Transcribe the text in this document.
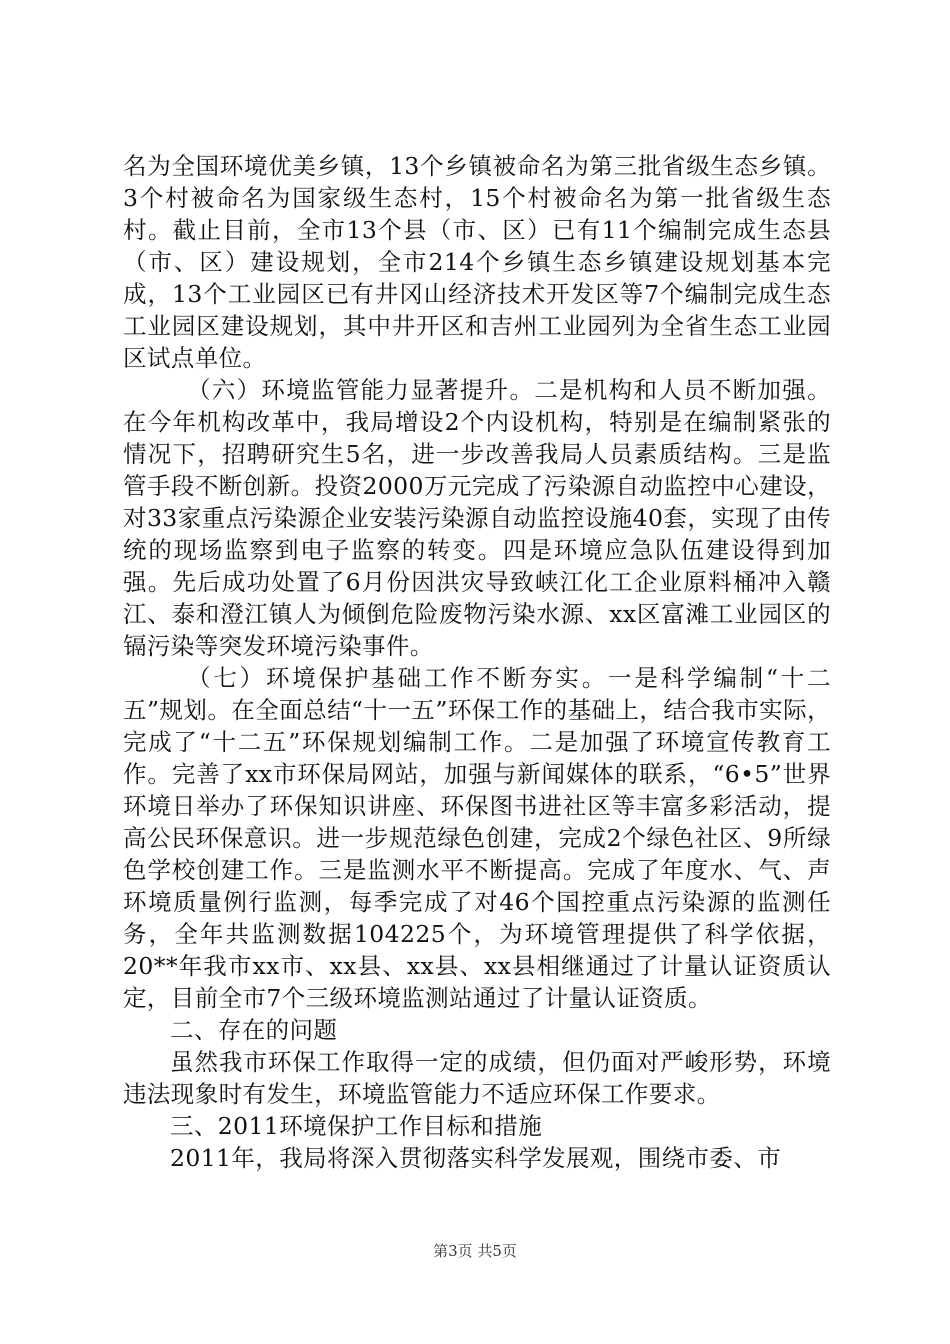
名为全国环境优美乡镇，13个乡镇被命名为第三批省级生态乡镇。3个村被命名为国家级生态村，15个村被命名为第一批省级生态村。截止目前，全市13个县（市、区）已有11个编制完成生态县（市、区）建设规划，全市214个乡镇生态乡镇建设规划基本完成，13个工业园区已有井冈山经济技术开发区等7个编制完成生态工业园区建设规划，其中井开区和吉州工业园列为全省生态工业园区试点单位。

（六）环境监管能力显著提升。二是机构和人员不断加强。在今年机构改革中，我局增设2个内设机构，特别是在编制紧张的情况下，招聘研究生5名，进一步改善我局人员素质结构。三是监管手段不断创新。投资2000万元完成了污染源自动监控中心建设，对33家重点污染源企业安装污染源自动监控设施40套，实现了由传统的现场监察到电子监察的转变。四是环境应急队伍建设得到加强。先后成功处置了6月份因洪灾导致峡江化工企业原料桶冲入赣江、泰和澄江镇人为倾倒危险废物污染水源、xx区富滩工业园区的镉污染等突发环境污染事件。

（七）环境保护基础工作不断夯实。一是科学编制“十二五”规划。在全面总结“十一五”环保工作的基础上，结合我市实际，完成了“十二五”环保规划编制工作。二是加强了环境宣传教育工作。完善了xx市环保局网站，加强与新闻媒体的联系，“6•5”世界环境日举办了环保知识讲座、环保图书进社区等丰富多彩活动，提高公民环保意识。进一步规范绿色创建，完成2个绿色社区、9所绿色学校创建工作。三是监测水平不断提高。完成了年度水、气、声环境质量例行监测，每季完成了对46个国控重点污染源的监测任务，全年共监测数据104225个，为环境管理提供了科学依据，20**年我市xx市、xx县、xx县、xx县相继通过了计量认证资质认定，目前全市7个三级环境监测站通过了计量认证资质。

二、存在的问题

虽然我市环保工作取得一定的成绩，但仍面对严峻形势，环境违法现象时有发生，环境监管能力不适应环保工作要求。

三、2011环境保护工作目标和措施

2011年，我局将深入贯彻落实科学发展观，围绕市委、市

第3页 共5页
